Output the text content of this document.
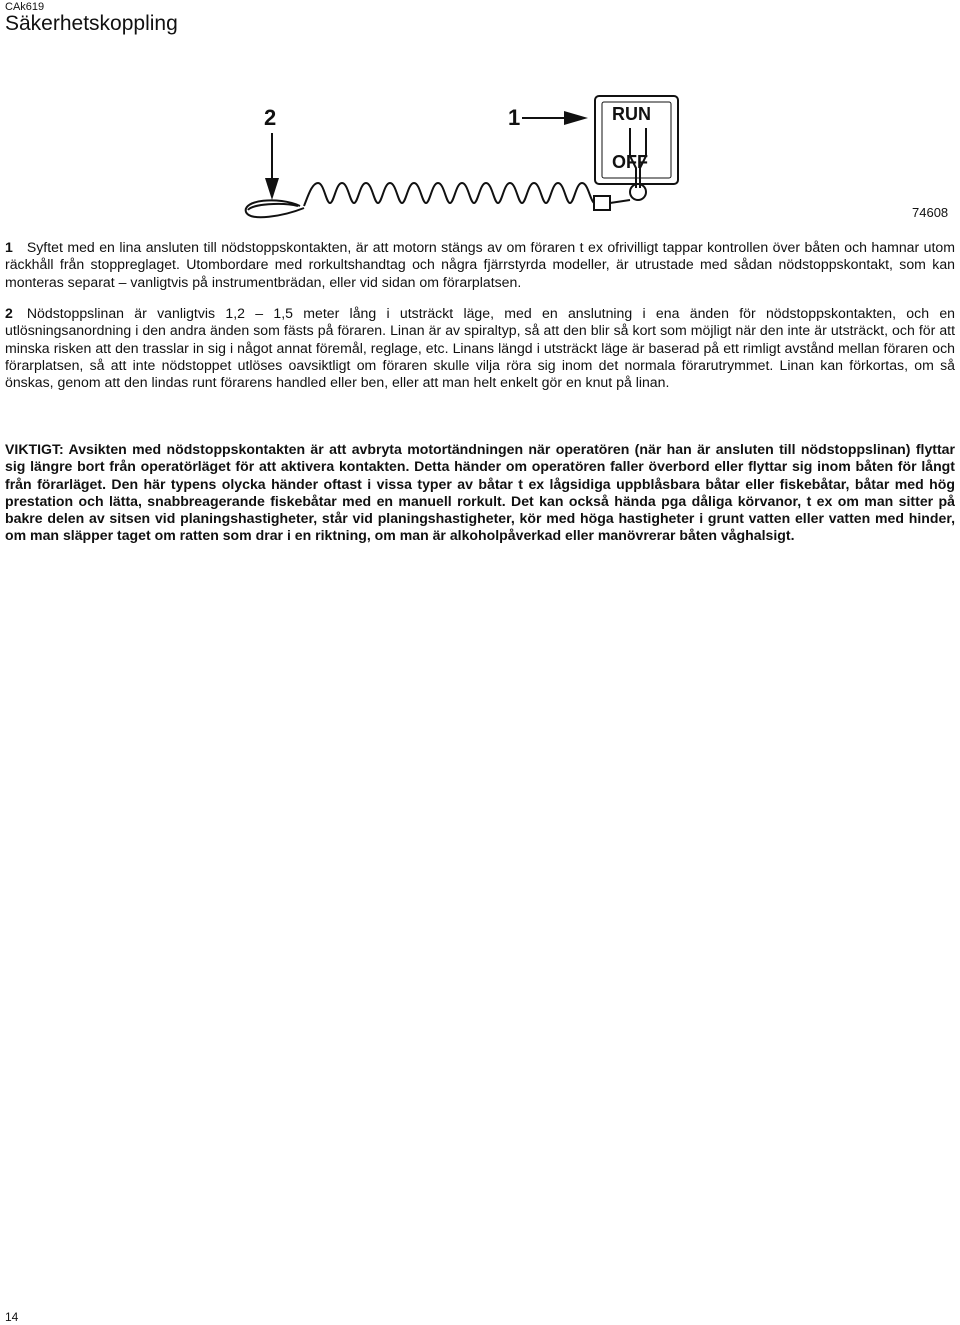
CAk619
Säkerhetskoppling
2	1	RUN
OFF
74608

1 Syftet med en lina ansluten till nödstoppskontakten, är att motorn stängs av om föraren t ex ofrivilligt tappar kontrollen över båten och hamnar utom räckhåll från stoppreglaget. Utombordare med rorkultshandtag och några fjärrstyrda modeller, är utrustade med sådan nödstoppskontakt, som kan monteras separat – vanligtvis på instrumentbrädan, eller vid sidan om förarplatsen.

2 Nödstoppslinan är vanligtvis 1,2 – 1,5 meter lång i utsträckt läge, med en anslutning i ena änden för nödstoppskontakten, och en utlösningsanordning i den andra änden som fästs på föraren. Linan är av spiraltyp, så att den blir så kort som möjligt när den inte är utsträckt, och för att minska risken att den trasslar in sig i något annat föremål, reglage, etc. Linans längd i utsträckt läge är baserad på ett rimligt avstånd mellan föraren och förarplatsen, så att inte nödstoppet utlöses oavsiktligt om föraren skulle vilja röra sig inom det normala förarutrymmet. Linan kan förkortas, om så önskas, genom att den lindas runt förarens handled eller ben, eller att man helt enkelt gör en knut på linan.

VIKTIGT: Avsikten med nödstoppskontakten är att avbryta motortändningen när operatören (när han är ansluten till nödstoppslinan) flyttar sig längre bort från operatörläget för att aktivera kontakten. Detta händer om operatören faller överbord eller flyttar sig inom båten för långt från förarläget. Den här typens olycka händer oftast i vissa typer av båtar t ex lågsidiga uppblåsbara båtar eller fiskebåtar, båtar med hög prestation och lätta, snabbreagerande fiskebåtar med en manuell rorkult. Det kan också hända pga dåliga körvanor, t ex om man sitter på bakre delen av sitsen vid planingshastigheter, står vid planingshastigheter, kör med höga hastigheter i grunt vatten eller vatten med hinder, om man släpper taget om ratten som drar i en riktning, om man är alkoholpåverkad eller manövrerar båten våghalsigt.

14
